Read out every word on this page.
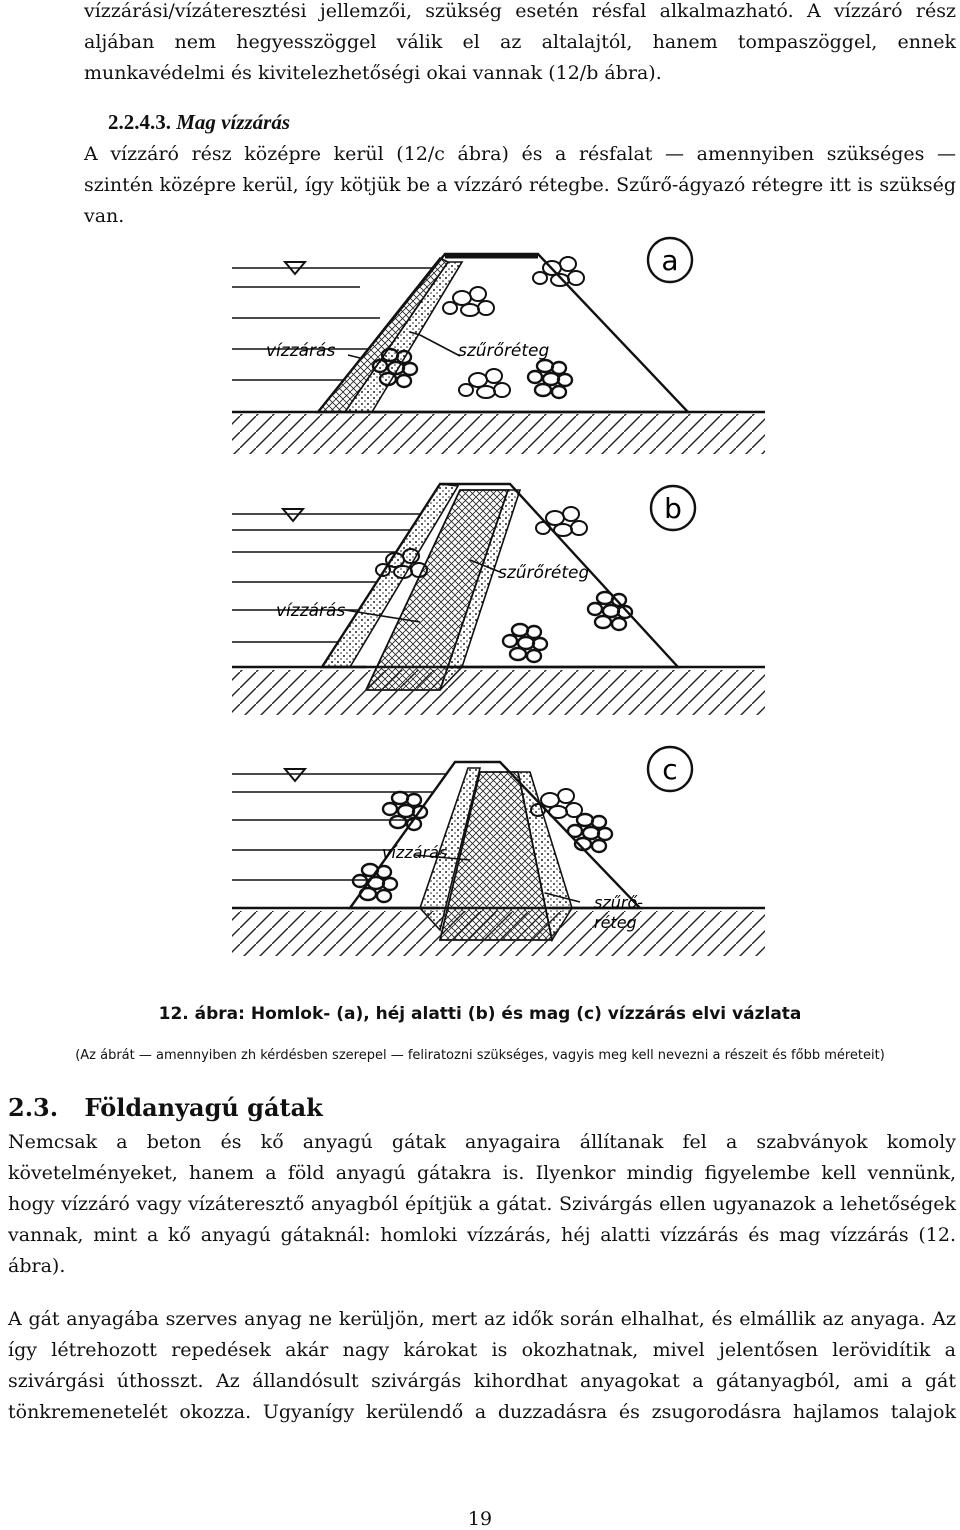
vízzárási/vízáteresztési jellemzői, szükség esetén résfal alkalmazható. A vízzáró rész
aljában nem hegyesszöggel válik el az altalajtól, hanem tompaszöggel, ennek
munkavédelmi és kivitelezhetőségi okai vannak (12/b ábra).
2.2.4.3. Mag vízzárás
A vízzáró rész középre kerül (12/c ábra) és a résfalat — amennyiben szükséges —
szintén középre kerül, így kötjük be a vízzáró rétegbe. Szűrő-ágyazó rétegre itt is szükség
van.
vízzárás	szűrőréteg
a
vízzárás
szűrőréteg
b
vízzárás
szűrő-
réteg
c
12. ábra: Homlok- (a), héj alatti (b) és mag (c) vízzárás elvi vázlata
(Az ábrát — amennyiben zh kérdésben szerepel — feliratozni szükséges, vagyis meg kell nevezni a részeit és főbb méreteit)
2.3. Földanyagú gátak
Nemcsak a beton és kő anyagú gátak anyagaira állítanak fel a szabványok komoly
követelményeket, hanem a föld anyagú gátakra is. Ilyenkor mindig figyelembe kell vennünk,
hogy vízzáró vagy vízáteresztő anyagból építjük a gátat. Szivárgás ellen ugyanazok a lehetőségek
vannak, mint a kő anyagú gátaknál: homloki vízzárás, héj alatti vízzárás és mag vízzárás (12.
ábra).
A gát anyagába szerves anyag ne kerüljön, mert az idők során elhalhat, és elmállik az anyaga. Az
így létrehozott repedések akár nagy károkat is okozhatnak, mivel jelentősen lerövidítik a
szivárgási úthosszt. Az állandósult szivárgás kihordhat anyagokat a gátanyagból, ami a gát
tönkremenetelét okozza. Ugyanígy kerülendő a duzzadásra és zsugorodásra hajlamos talajok
19
